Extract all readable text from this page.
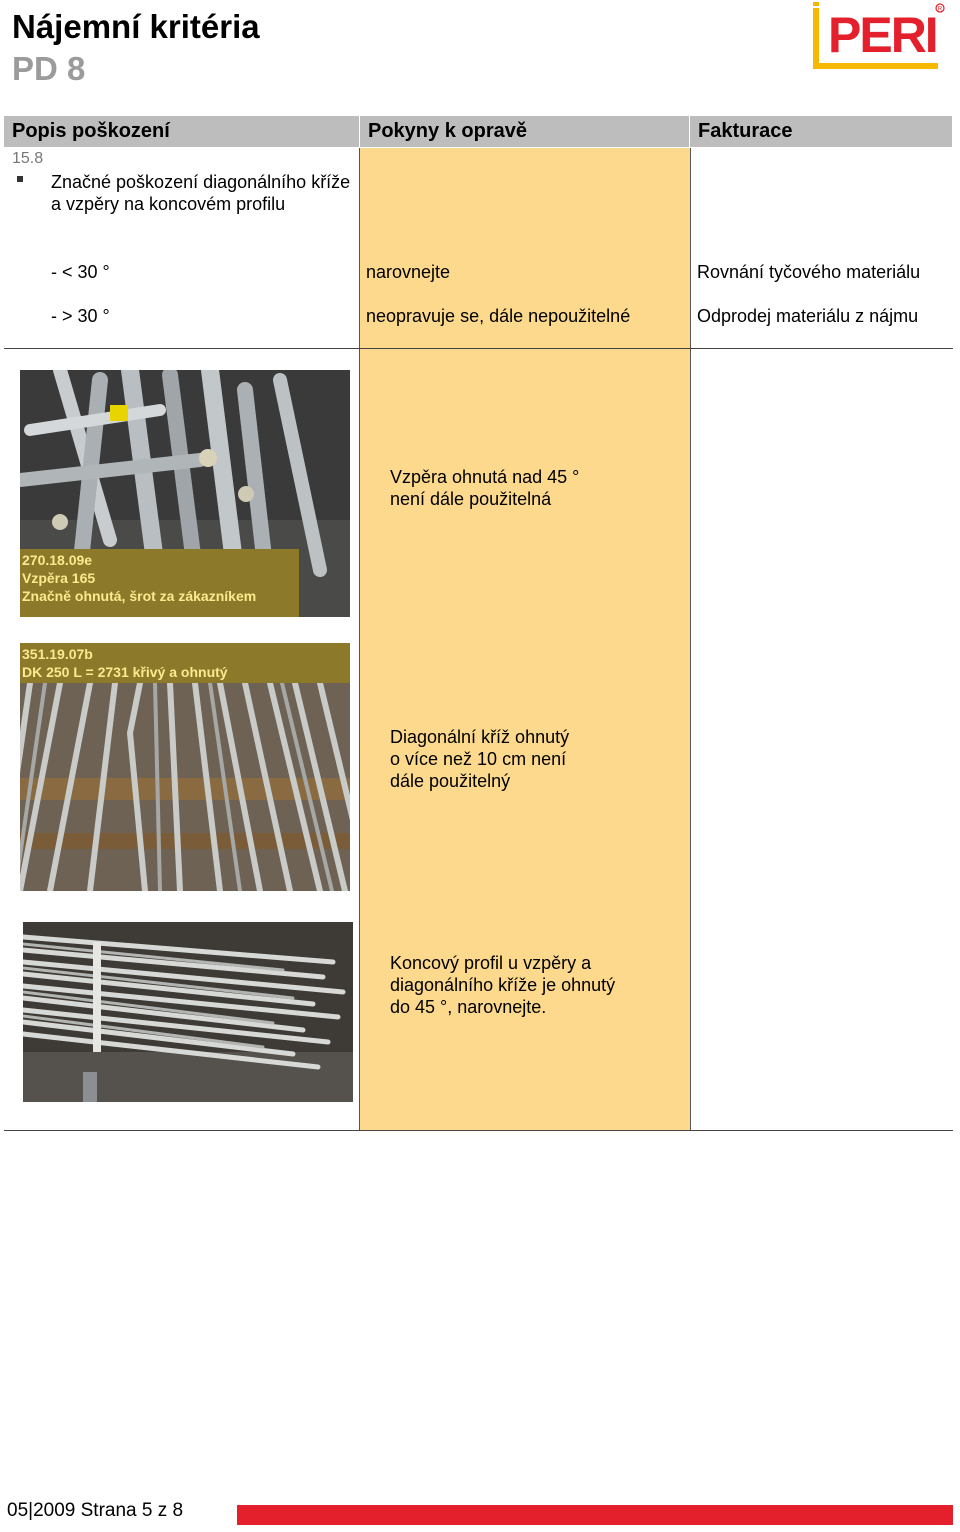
Nájemní kritéria
PD 8
PERI R
Popis poškození	Pokyny k opravě	Fakturace
15.8
Značné poškození diagonálního kříže a vzpěry na koncovém profilu
- < 30 °	narovnejte	Rovnání tyčového materiálu
- > 30 °	neopravuje se, dále nepoužitelné	Odprodej materiálu z nájmu
270.18.09e
Vzpěra 165
Značně ohnutá, šrot za zákazníkem
Vzpěra ohnutá nad 45 °
není dále použitelná
351.19.07b
DK 250 L = 2731 křivý a ohnutý
Diagonální kříž ohnutý
o více než 10 cm není
dále použitelný
Koncový profil u vzpěry a
diagonálního kříže je ohnutý
do 45 °, narovnejte.
05|2009 Strana 5 z 8
